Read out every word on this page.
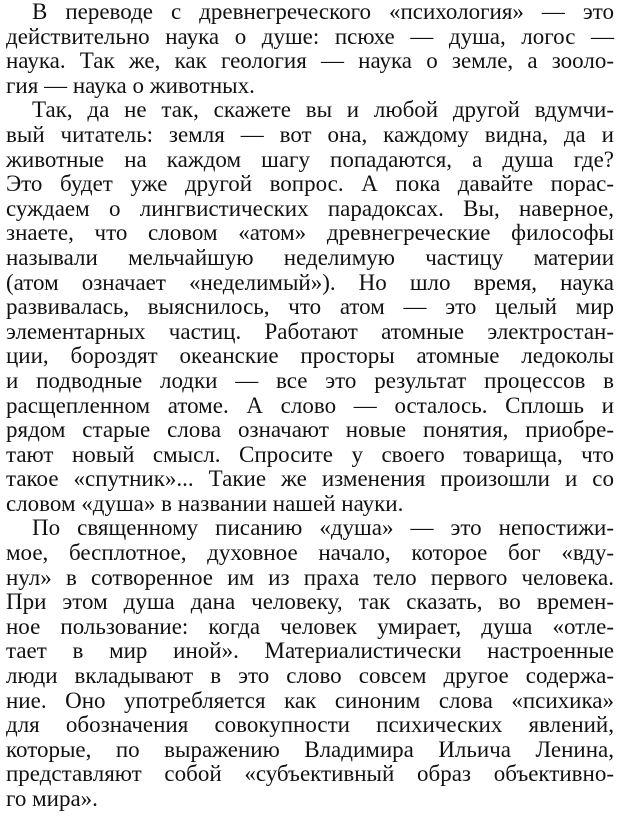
В переводе с древнегреческого «психология» — это
действительно наука о душе: псюхе — душа, логос —
наука. Так же, как геология — наука о земле, а зооло-
гия — наука о животных.
Так, да не так, скажете вы и любой другой вдумчи-
вый читатель: земля — вот она, каждому видна, да и
животные на каждом шагу попадаются, а душа где?
Это будет уже другой вопрос. А пока давайте порас-
суждаем о лингвистических парадоксах. Вы, наверное,
знаете, что словом «атом» древнегреческие философы
называли мельчайшую неделимую частицу материи
(атом означает «неделимый»). Но шло время, наука
развивалась, выяснилось, что атом — это целый мир
элементарных частиц. Работают атомные электростан-
ции, бороздят океанские просторы атомные ледоколы
и подводные лодки — все это результат процессов в
расщепленном атоме. А слово — осталось. Сплошь и
рядом старые слова означают новые понятия, приобре-
тают новый смысл. Спросите у своего товарища, что
такое «спутник»... Такие же изменения произошли и со
словом «душа» в названии нашей науки.
По священному писанию «душа» — это непостижи-
мое, бесплотное, духовное начало, которое бог «вду-
нул» в сотворенное им из праха тело первого человека.
При этом душа дана человеку, так сказать, во времен-
ное пользование: когда человек умирает, душа «отле-
тает в мир иной». Материалистически настроенные
люди вкладывают в это слово совсем другое содержа-
ние. Оно употребляется как синоним слова «психика»
для обозначения совокупности психических явлений,
которые, по выражению Владимира Ильича Ленина,
представляют собой «субъективный образ объективно-
го мира».
